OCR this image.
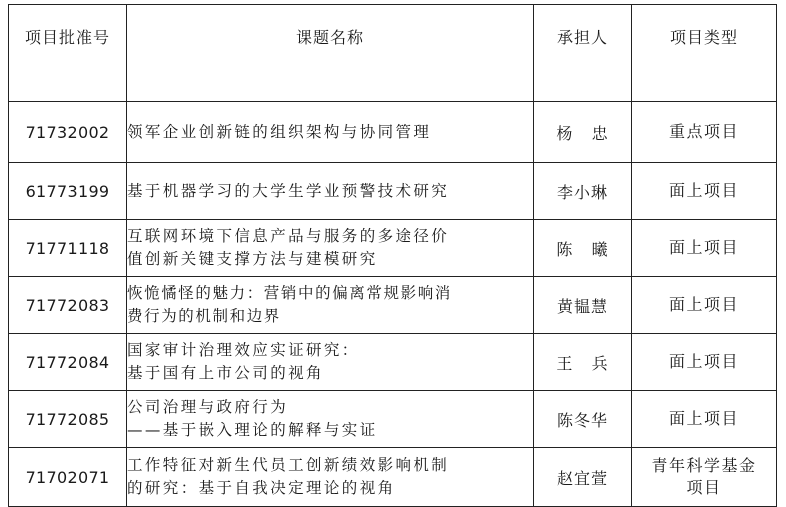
项目批准号	课题名称	承担人	项目类型
71732002	领军企业创新链的组织架构与协同管理	杨   忠	重点项目

61773199	基于机器学习的大学生学业预警技术研究	李小琳	面上项目

71771118	互联网环境下信息产品与服务的多途径价
值创新关键支撑方法与建模研究	陈   曦	面上项目

71772083	恢恑憰怪的魅力：营销中的偏离常规影响消
费行为的机制和边界	黄韫慧	面上项目

71772084	国家审计治理效应实证研究：
基于国有上市公司的视角	王   兵	面上项目

71772085	公司治理与政府行为
——基于嵌入理论的解释与实证	陈冬华	面上项目

71702071	工作特征对新生代员工创新绩效影响机制
的研究：基于自我决定理论的视角	赵宜萱	青年科学基金
项目
